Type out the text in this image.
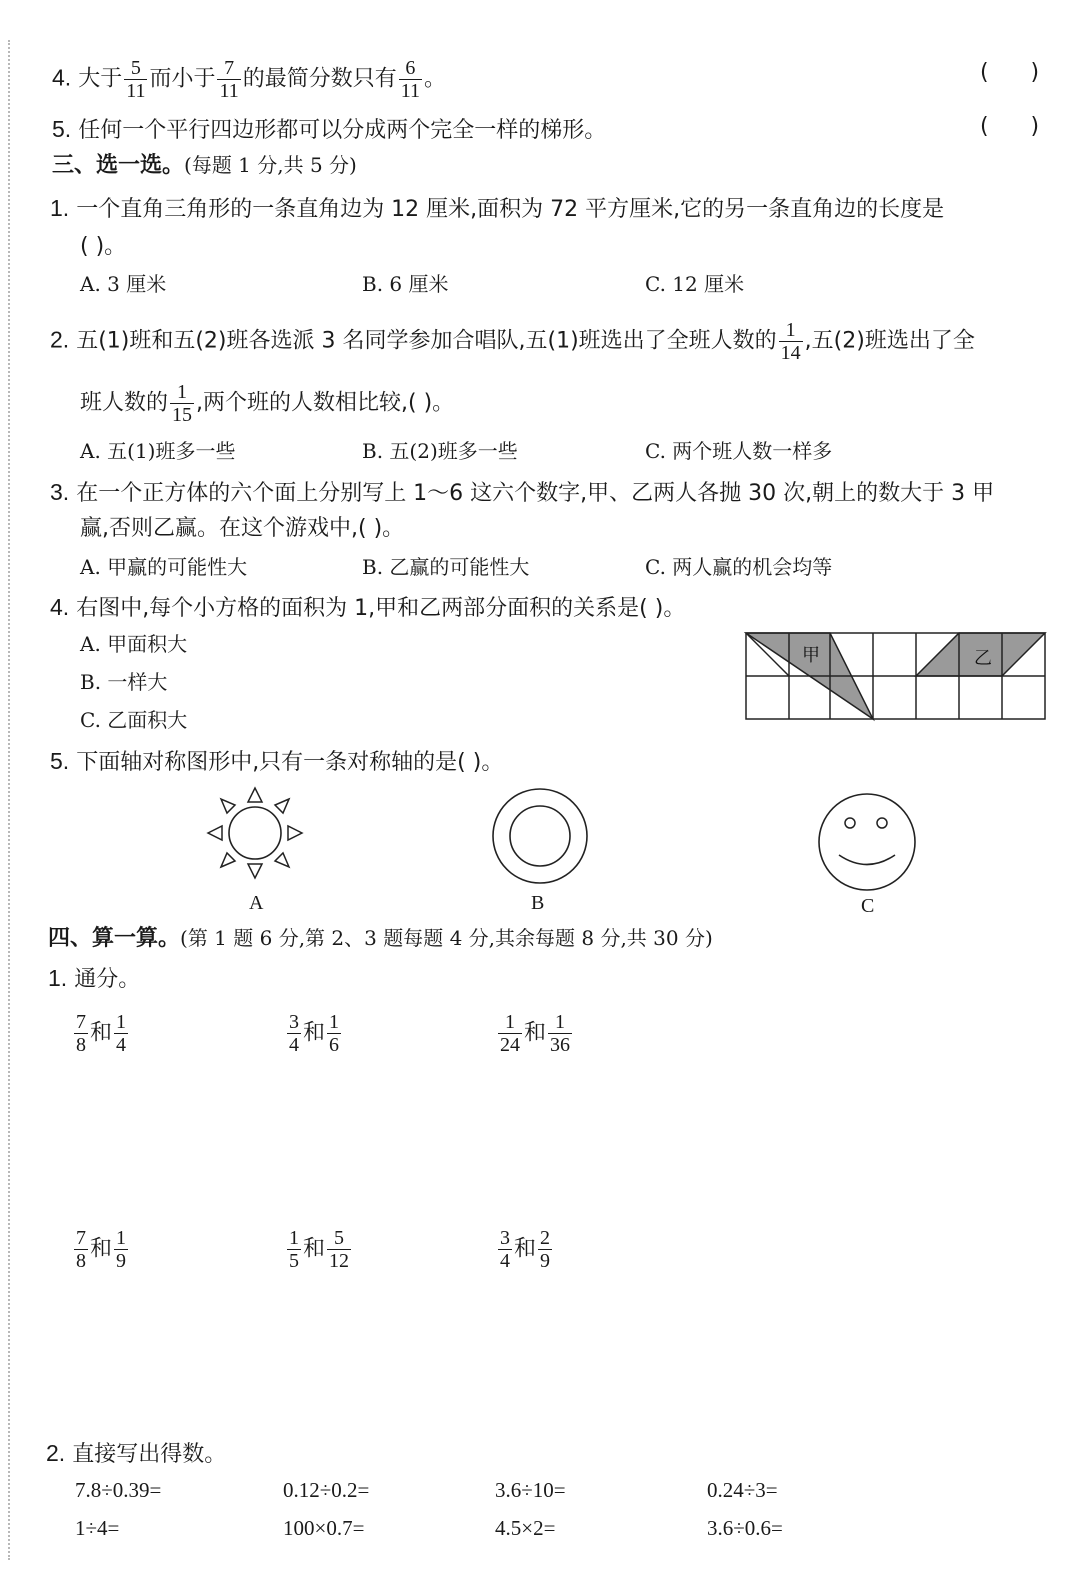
4. 大于 $\frac{5}{11}$ 而小于 $\frac{7}{11}$ 的最简分数只有 $\frac{6}{11}$ 。	(      )
5. 任何一个平行四边形都可以分成两个完全一样的梯形。	(      )
三、选一选。(每题 1 分,共 5 分)
1. 一个直角三角形的一条直角边为 12 厘米,面积为 72 平方厘米,它的另一条直角边的长度是
( )。
A. 3 厘米	B. 6 厘米	C. 12 厘米
2. 五(1)班和五(2)班各选派 3 名同学参加合唱队,五(1)班选出了全班人数的 $\frac{1}{14}$ ,五(2)班选出了全
班人数的 $\frac{1}{15}$ ,两个班的人数相比较,( )。
A. 五(1)班多一些	B. 五(2)班多一些	C. 两个班人数一样多
3. 在一个正方体的六个面上分别写上 1～6 这六个数字,甲、乙两人各抛 30 次,朝上的数大于 3 甲
赢,否则乙赢。在这个游戏中,( )。
A. 甲赢的可能性大	B. 乙赢的可能性大	C. 两人赢的机会均等
4. 右图中,每个小方格的面积为 1,甲和乙两部分面积的关系是( )。
A. 甲面积大
B. 一样大
C. 乙面积大
甲	乙
5. 下面轴对称图形中,只有一条对称轴的是( )。
A	B	C
四、算一算。(第 1 题 6 分,第 2、3 题每题 4 分,其余每题 8 分,共 30 分)
1. 通分。
$\frac{7}{8}$ 和 $\frac{1}{4}$	$\frac{3}{4}$ 和 $\frac{1}{6}$	$\frac{1}{24}$ 和 $\frac{1}{36}$
$\frac{7}{8}$ 和 $\frac{1}{9}$	$\frac{1}{5}$ 和 $\frac{5}{12}$	$\frac{3}{4}$ 和 $\frac{2}{9}$
2. 直接写出得数。
7.8÷0.39=	0.12÷0.2=	3.6÷10=	0.24÷3=
1÷4=	100×0.7=	4.5×2=	3.6÷0.6=
